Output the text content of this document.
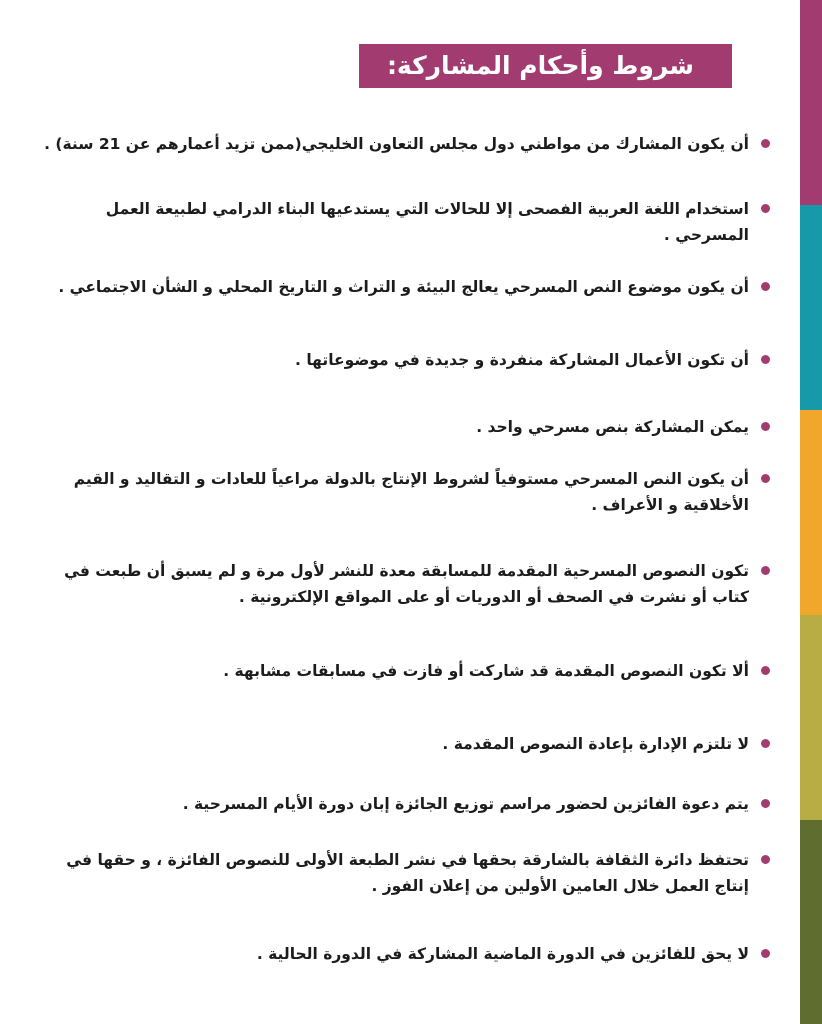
شروط وأحكام المشاركة:
أن يكون المشارك من مواطني دول مجلس التعاون الخليجي(ممن تزيد أعمارهم عن 21 سنة) .
استخدام اللغة العربية الفصحى إلا للحالات التي يستدعيها البناء الدرامي لطبيعة العمل
المسرحي .
أن يكون موضوع النص المسرحي يعالج البيئة و التراث و التاريخ المحلي و الشأن الاجتماعي .
أن تكون الأعمال المشاركة منفردة و جديدة في موضوعاتها .
يمكن المشاركة بنص مسرحي واحد .
أن يكون النص المسرحي مستوفياً لشروط الإنتاج بالدولة مراعياً للعادات و التقاليد و القيم
الأخلاقية و الأعراف .
تكون النصوص المسرحية المقدمة للمسابقة معدة للنشر لأول مرة و لم يسبق أن طبعت في
كتاب أو نشرت في الصحف أو الدوريات أو على المواقع الإلكترونية .
ألا تكون النصوص المقدمة قد شاركت أو فازت في مسابقات مشابهة .
لا تلتزم الإدارة بإعادة النصوص المقدمة .
يتم دعوة الفائزين لحضور مراسم توزيع الجائزة إبان دورة الأيام المسرحية .
تحتفظ دائرة الثقافة بالشارقة بحقها في نشر الطبعة الأولى للنصوص الفائزة ، و حقها في
إنتاج العمل خلال العامين الأولين من إعلان الفوز .
لا يحق للفائزين في الدورة الماضية المشاركة في الدورة الحالية .
